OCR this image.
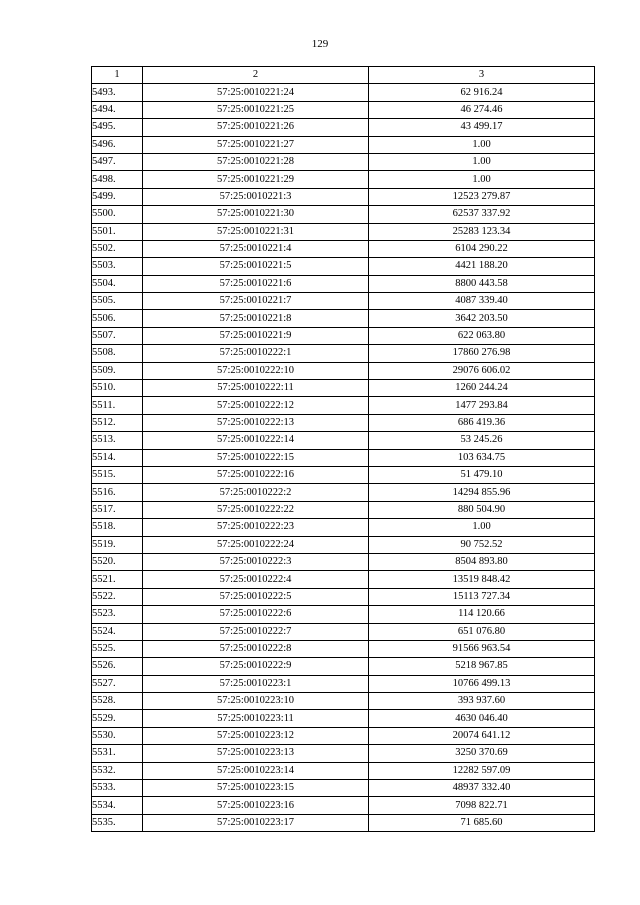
129
1	2	3
5493.	57:25:0010221:24	62 916.24
5494.	57:25:0010221:25	46 274.46
5495.	57:25:0010221:26	43 499.17
5496.	57:25:0010221:27	1.00
5497.	57:25:0010221:28	1.00
5498.	57:25:0010221:29	1.00
5499.	57:25:0010221:3	12523 279.87
5500.	57:25:0010221:30	62537 337.92
5501.	57:25:0010221:31	25283 123.34
5502.	57:25:0010221:4	6104 290.22
5503.	57:25:0010221:5	4421 188.20
5504.	57:25:0010221:6	8800 443.58
5505.	57:25:0010221:7	4087 339.40
5506.	57:25:0010221:8	3642 203.50
5507.	57:25:0010221:9	622 063.80
5508.	57:25:0010222:1	17860 276.98
5509.	57:25:0010222:10	29076 606.02
5510.	57:25:0010222:11	1260 244.24
5511.	57:25:0010222:12	1477 293.84
5512.	57:25:0010222:13	686 419.36
5513.	57:25:0010222:14	53 245.26
5514.	57:25:0010222:15	103 634.75
5515.	57:25:0010222:16	51 479.10
5516.	57:25:0010222:2	14294 855.96
5517.	57:25:0010222:22	880 504.90
5518.	57:25:0010222:23	1.00
5519.	57:25:0010222:24	90 752.52
5520.	57:25:0010222:3	8504 893.80
5521.	57:25:0010222:4	13519 848.42
5522.	57:25:0010222:5	15113 727.34
5523.	57:25:0010222:6	114 120.66
5524.	57:25:0010222:7	651 076.80
5525.	57:25:0010222:8	91566 963.54
5526.	57:25:0010222:9	5218 967.85
5527.	57:25:0010223:1	10766 499.13
5528.	57:25:0010223:10	393 937.60
5529.	57:25:0010223:11	4630 046.40
5530.	57:25:0010223:12	20074 641.12
5531.	57:25:0010223:13	3250 370.69
5532.	57:25:0010223:14	12282 597.09
5533.	57:25:0010223:15	48937 332.40
5534.	57:25:0010223:16	7098 822.71
5535.	57:25:0010223:17	71 685.60
